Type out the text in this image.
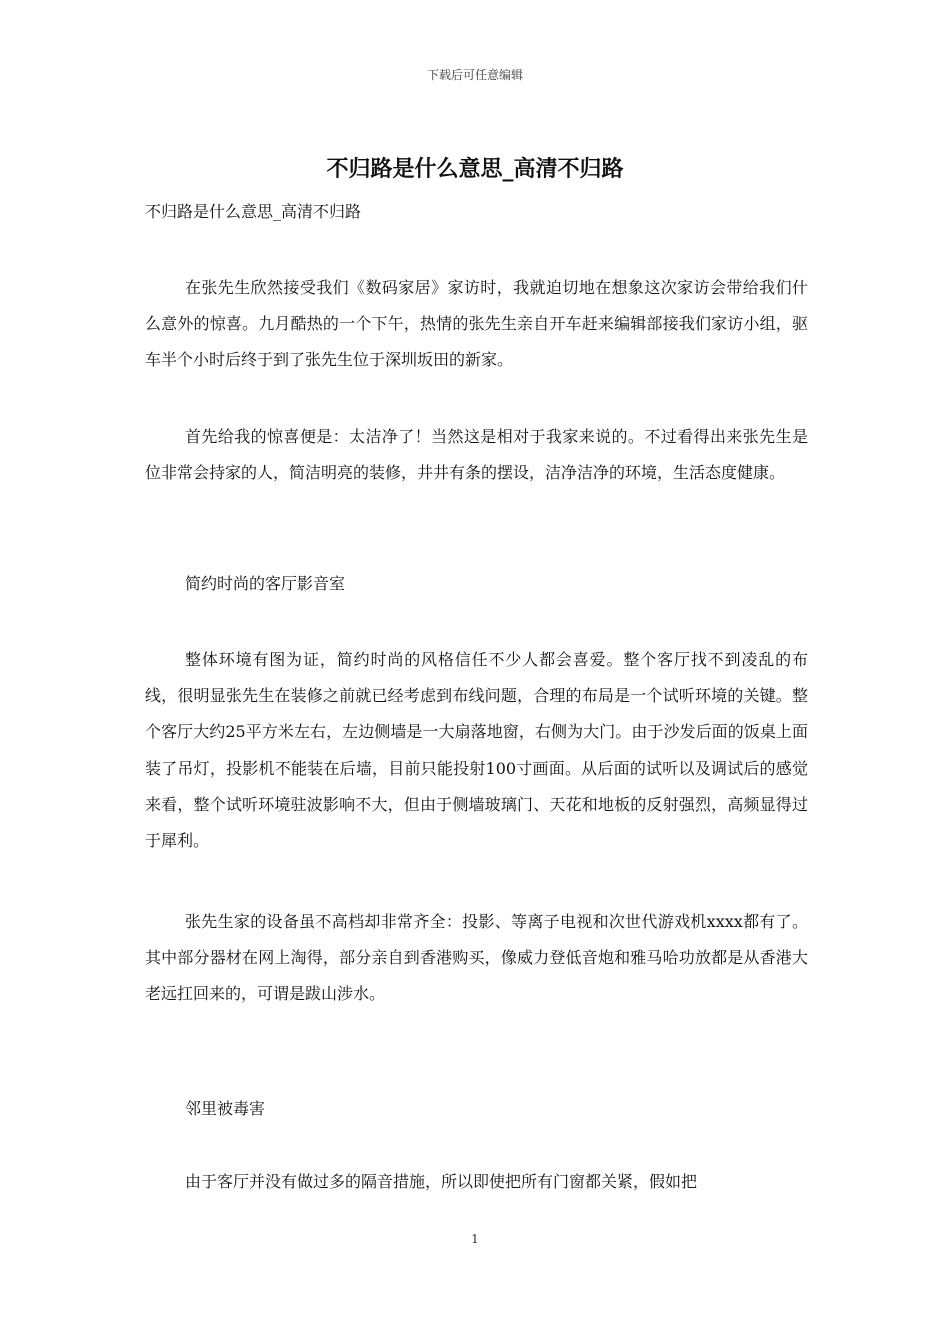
下载后可任意编辑
不归路是什么意思_高清不归路

不归路是什么意思_高清不归路

在张先生欣然接受我们《数码家居》家访时，我就迫切地在想象这次家访会带给我们什么意外的惊喜。九月酷热的一个下午，热情的张先生亲自开车赶来编辑部接我们家访小组，驱车半个小时后终于到了张先生位于深圳坂田的新家。

首先给我的惊喜便是：太洁净了！当然这是相对于我家来说的。不过看得出来张先生是位非常会持家的人，简洁明亮的装修，井井有条的摆设，洁净洁净的环境，生活态度健康。

简约时尚的客厅影音室

整体环境有图为证，简约时尚的风格信任不少人都会喜爱。整个客厅找不到凌乱的布线，很明显张先生在装修之前就已经考虑到布线问题，合理的布局是一个试听环境的关键。整个客厅大约25平方米左右，左边侧墙是一大扇落地窗，右侧为大门。由于沙发后面的饭桌上面装了吊灯，投影机不能装在后墙，目前只能投射100寸画面。从后面的试听以及调试后的感觉来看，整个试听环境驻波影响不大，但由于侧墙玻璃门、天花和地板的反射强烈，高频显得过于犀利。

张先生家的设备虽不高档却非常齐全：投影、等离子电视和次世代游戏机xxxx都有了。其中部分器材在网上淘得，部分亲自到香港购买，像威力登低音炮和雅马哈功放都是从香港大老远扛回来的，可谓是跋山涉水。

邻里被毒害

由于客厅并没有做过多的隔音措施，所以即使把所有门窗都关紧，假如把

1
